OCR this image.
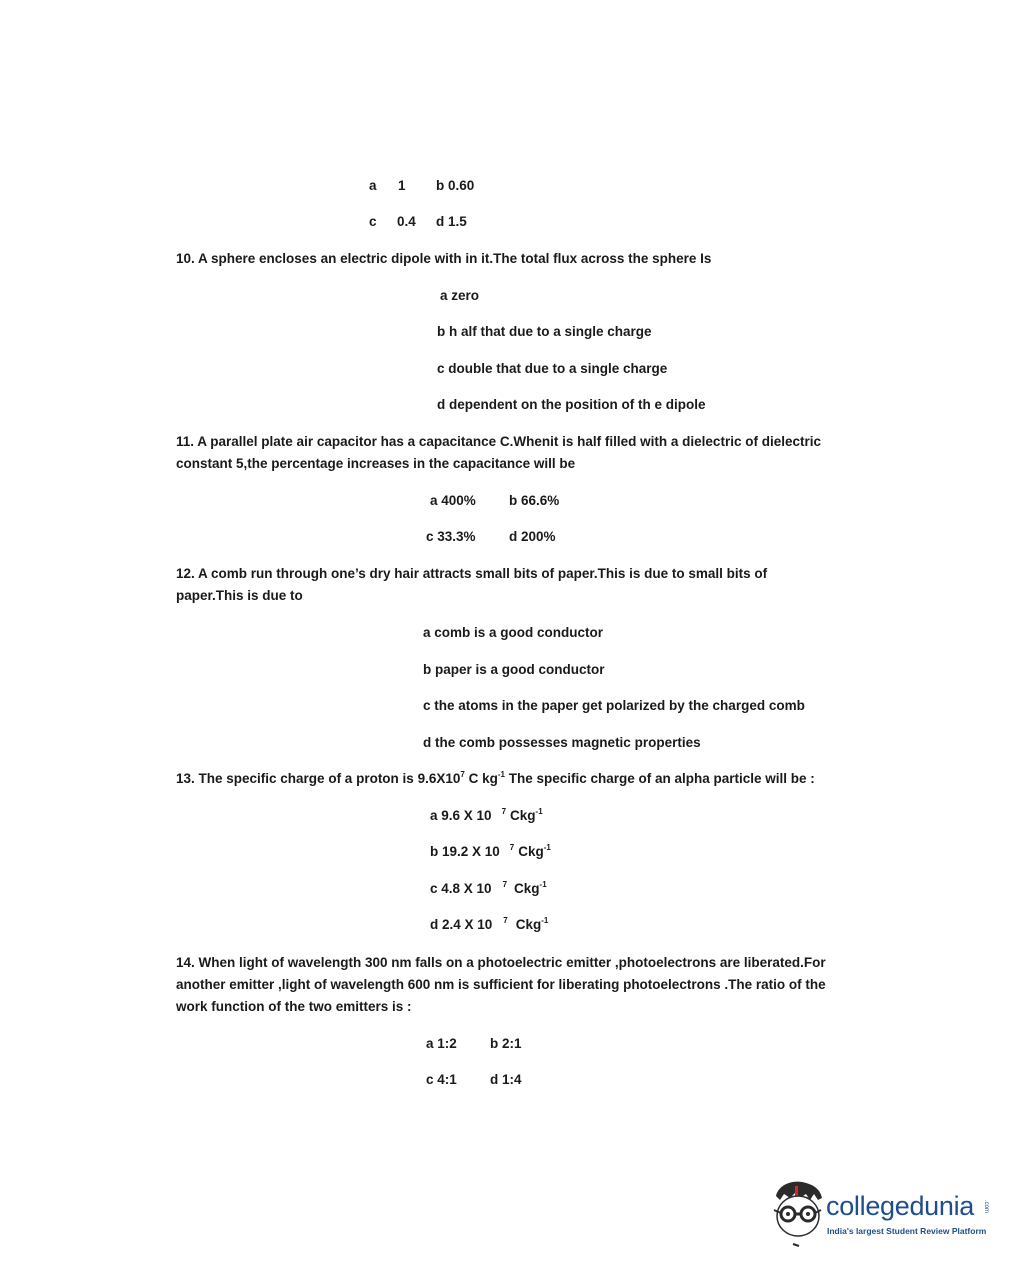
a 1 b 0.60
c 0.4 d 1.5
10. A sphere encloses an electric dipole with in it.The total flux across the sphere Is
a zero
b h alf that due to a single charge
c double that due to a single charge
d dependent on the position of th e dipole
11. A parallel plate air capacitor has a capacitance C.Whenit is half filled with a dielectric of dielectric constant 5,the percentage increases in the capacitance will be
a 400% b 66.6%
c 33.3% d 200%
12. A comb run through one’s dry hair attracts small bits of paper.This is due to small bits of paper.This is due to
a comb is a good conductor
b paper is a good conductor
c the atoms in the paper get polarized by the charged comb
d the comb possesses magnetic properties
13. The specific charge of a proton is $9.6X10^7$ C $kg^{-1}$ The specific charge of an alpha particle will be :
a 9.6 X 10 $^7$ Ckg$^{-1}$
b 19.2 X 10 $^7$ Ckg$^{-1}$
c 4.8 X 10 $^7$ Ckg$^{-1}$
d 2.4 X 10 $^7$ Ckg$^{-1}$
14. When light of wavelength 300 nm falls on a photoelectric emitter ,photoelectrons are liberated.For another emitter ,light of wavelength 600 nm is sufficient for liberating photoelectrons .The ratio of the work function of the two emitters is :
a 1:2 b 2:1
c 4:1 d 1:4
collegedunia .com
India's largest Student Review Platform
